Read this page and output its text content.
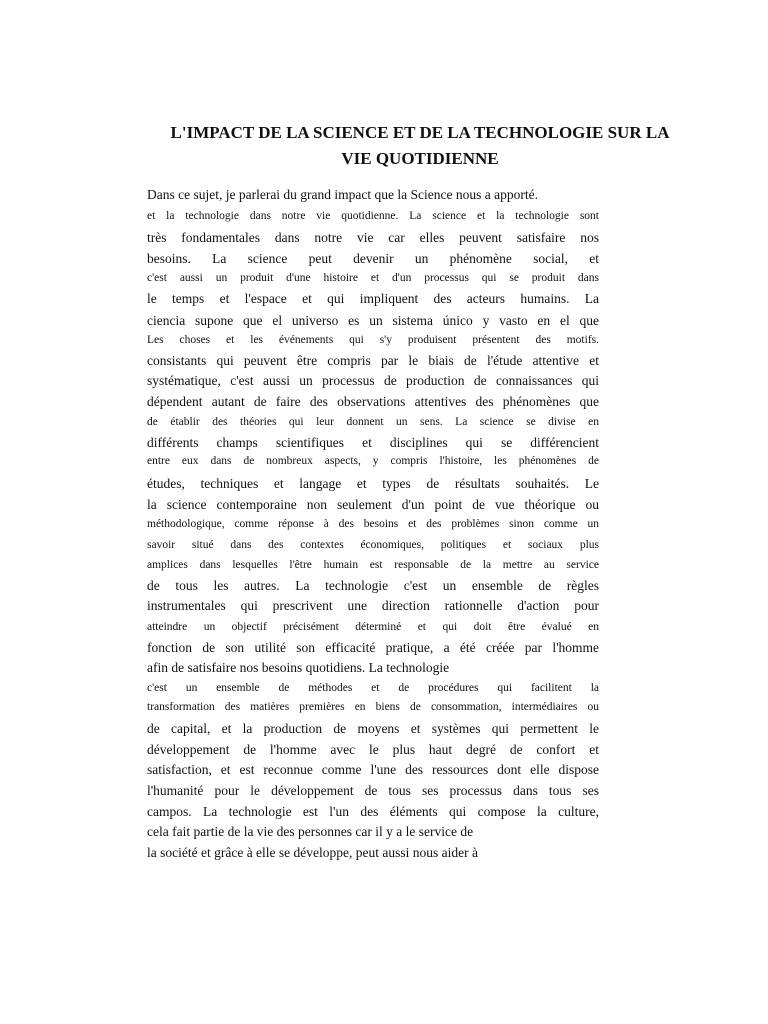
L'IMPACT DE LA SCIENCE ET DE LA TECHNOLOGIE SUR LA
VIE QUOTIDIENNE
Dans ce sujet, je parlerai du grand impact que la Science nous a apporté.
et la technologie dans notre vie quotidienne. La science et la technologie sont
très fondamentales dans notre vie car elles peuvent satisfaire nos
besoins. La science peut devenir un phénomène social, et
c'est aussi un produit d'une histoire et d'un processus qui se produit dans
le temps et l'espace et qui impliquent des acteurs humains. La
ciencia supone que el universo es un sistema único y vasto en el que
Les choses et les événements qui s'y produisent présentent des motifs.
consistants qui peuvent être compris par le biais de l'étude attentive et
systématique, c'est aussi un processus de production de connaissances qui
dépendent autant de faire des observations attentives des phénomènes que
de établir des théories qui leur donnent un sens. La science se divise en
différents champs scientifiques et disciplines qui se différencient
entre eux dans de nombreux aspects, y compris l'histoire, les phénomènes de
études, techniques et langage et types de résultats souhaités. Le
la science contemporaine non seulement d'un point de vue théorique ou
méthodologique, comme réponse à des besoins et des problèmes sinon comme un
savoir situé dans des contextes économiques, politiques et sociaux plus
amplices dans lesquelles l'être humain est responsable de la mettre au service
de tous les autres. La technologie c'est un ensemble de règles
instrumentales qui prescrivent une direction rationnelle d'action pour
atteindre un objectif précisément déterminé et qui doit être évalué en
fonction de son utilité son efficacité pratique, a été créée par l'homme
afin de satisfaire nos besoins quotidiens. La technologie
c'est un ensemble de méthodes et de procédures qui facilitent la
transformation des matières premières en biens de consommation, intermédiaires ou
de capital, et la production de moyens et systèmes qui permettent le
développement de l'homme avec le plus haut degré de confort et
satisfaction, et est reconnue comme l'une des ressources dont elle dispose
l'humanité pour le développement de tous ses processus dans tous ses
campos. La technologie est l'un des éléments qui compose la culture,
cela fait partie de la vie des personnes car il y a le service de
la société et grâce à elle se développe, peut aussi nous aider à
